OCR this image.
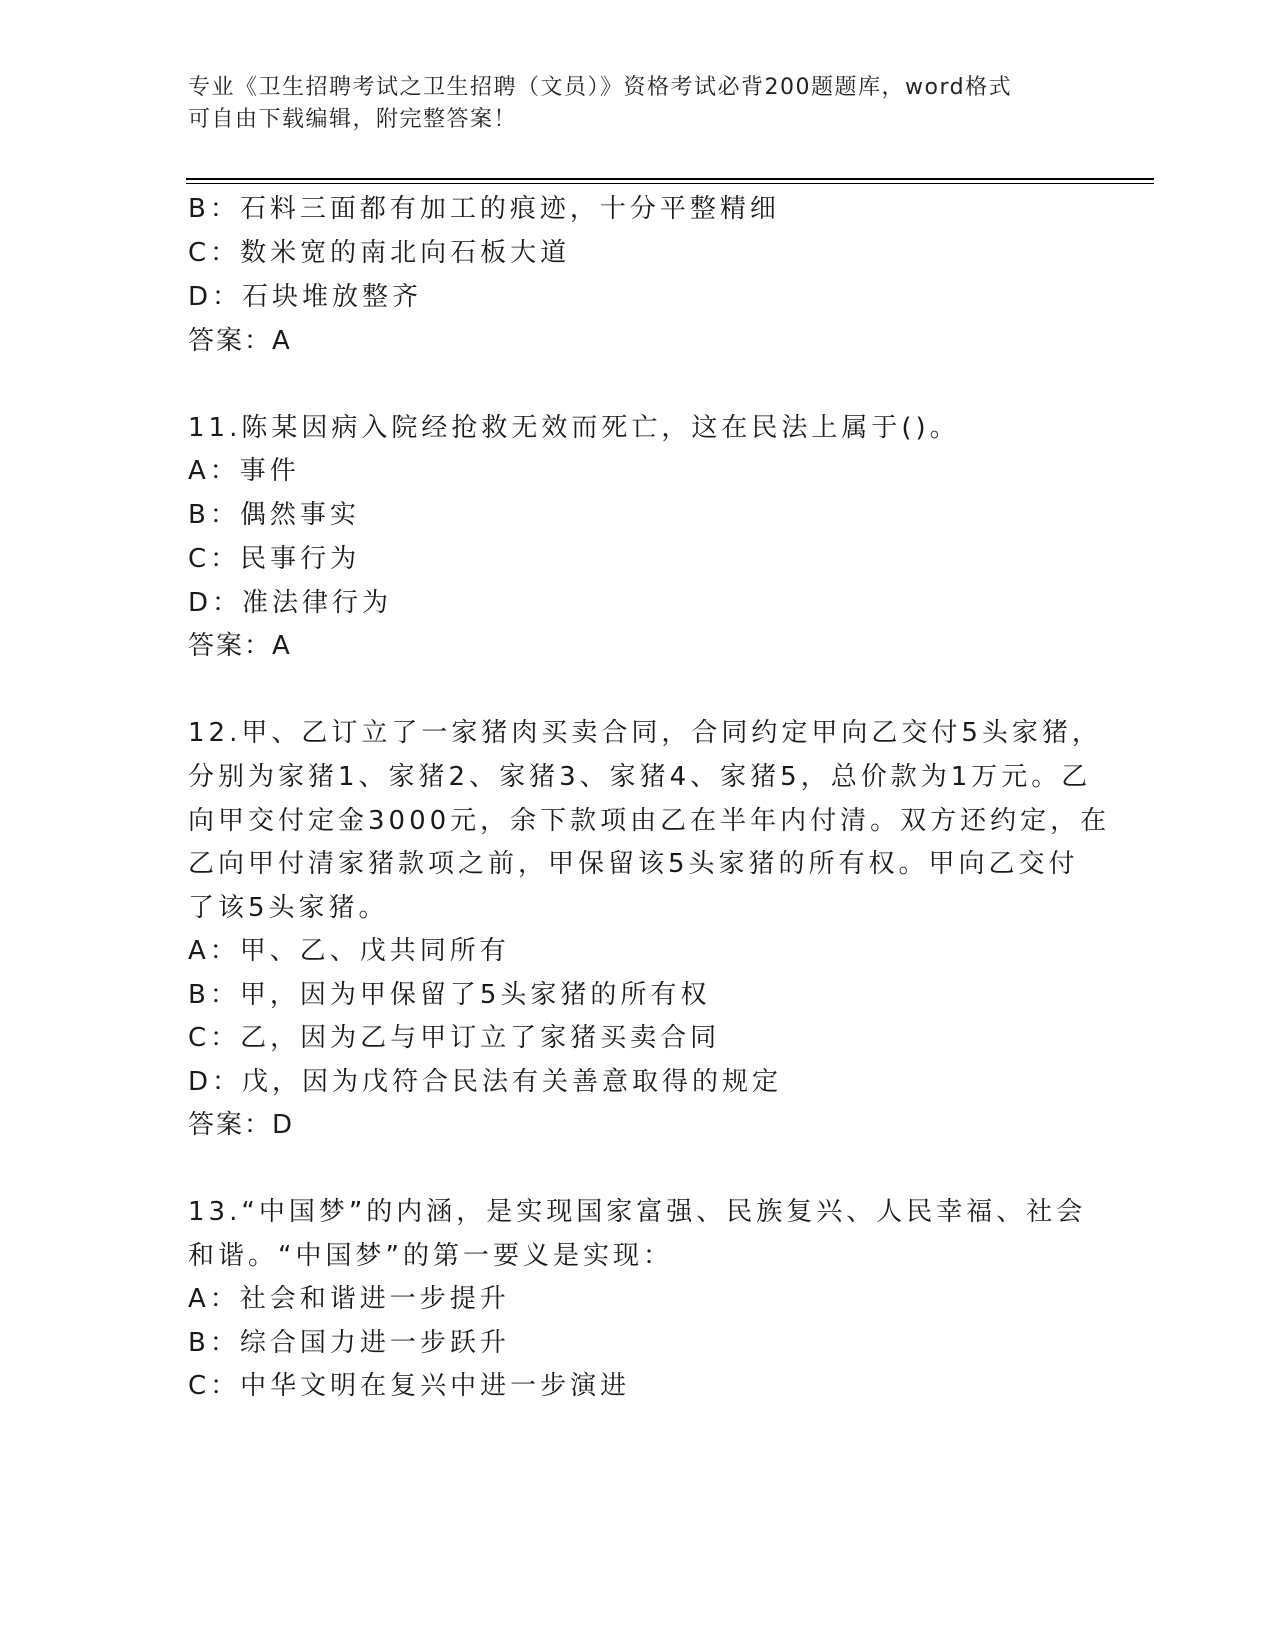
专业《卫生招聘考试之卫生招聘（文员）》资格考试必背200题题库，word格式
可自由下载编辑，附完整答案！
B：石料三面都有加工的痕迹，十分平整精细
C：数米宽的南北向石板大道
D：石块堆放整齐
答案：A
11.陈某因病入院经抢救无效而死亡，这在民法上属于()。
A：事件
B：偶然事实
C：民事行为
D：准法律行为
答案：A
12.甲、乙订立了一家猪肉买卖合同，合同约定甲向乙交付5头家猪，
分别为家猪1、家猪2、家猪3、家猪4、家猪5，总价款为1万元。乙
向甲交付定金3000元，余下款项由乙在半年内付清。双方还约定，在
乙向甲付清家猪款项之前，甲保留该5头家猪的所有权。甲向乙交付
了该5头家猪。
A：甲、乙、戊共同所有
B：甲，因为甲保留了5头家猪的所有权
C：乙，因为乙与甲订立了家猪买卖合同
D：戊，因为戊符合民法有关善意取得的规定
答案：D
13.“中国梦”的内涵，是实现国家富强、民族复兴、人民幸福、社会
和谐。“中国梦”的第一要义是实现：
A：社会和谐进一步提升
B：综合国力进一步跃升
C：中华文明在复兴中进一步演进
